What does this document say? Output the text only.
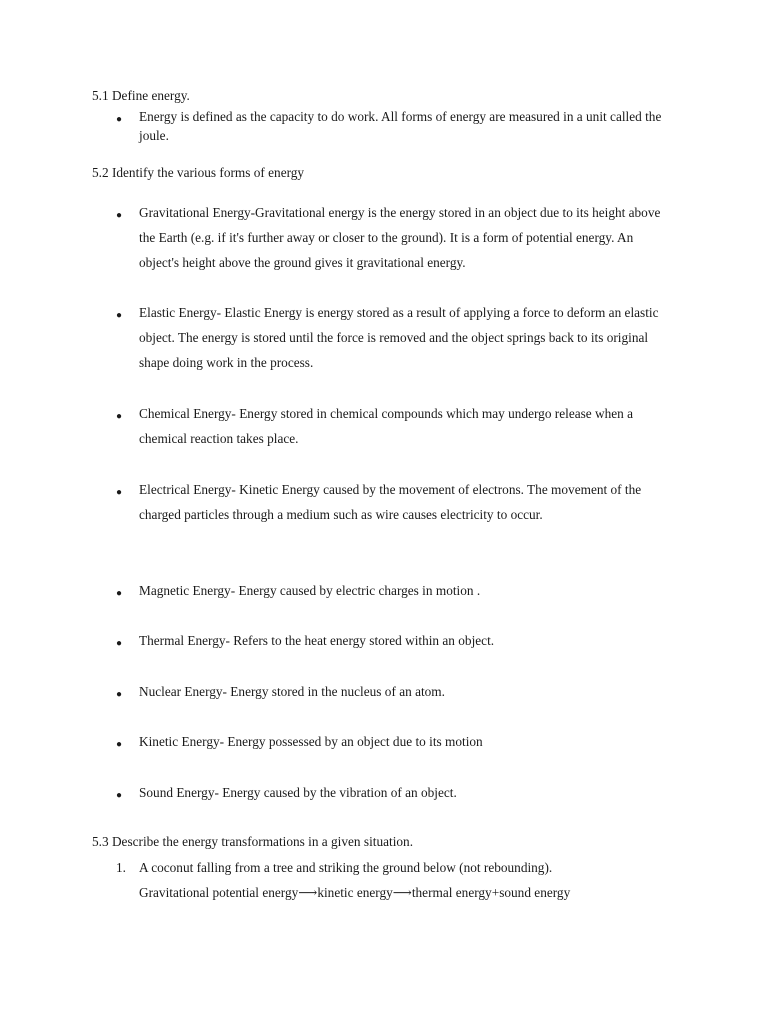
5.1 Define energy.
●	Energy is defined as the capacity to do work. All forms of energy are measured in a unit called the joule.
5.2 Identify the various forms of energy
●	Gravitational Energy-Gravitational energy is the energy stored in an object due to its height above the Earth (e.g. if it's further away or closer to the ground). It is a form of potential energy. An object's height above the ground gives it gravitational energy.
●	Elastic Energy- Elastic Energy is energy stored as a result of applying a force to deform an elastic object. The energy is stored until the force is removed and the object springs back to its original shape doing work in the process.
●	Chemical Energy- Energy stored in chemical compounds which may undergo release when a chemical reaction takes place.
●	Electrical Energy- Kinetic Energy caused by the movement of electrons. The movement of the charged particles through a medium such as wire causes electricity to occur.
●	Magnetic Energy- Energy caused by electric charges in motion .
●	Thermal Energy- Refers to the heat energy stored within an object.
●	Nuclear Energy- Energy stored in the nucleus of an atom.
●	Kinetic Energy- Energy possessed by an object due to its motion
●	Sound Energy- Energy caused by the vibration of an object.
5.3 Describe the energy transformations in a given situation.
1. A coconut falling from a tree and striking the ground below (not rebounding).
Gravitational potential energy⟶kinetic energy⟶thermal energy+sound energy
